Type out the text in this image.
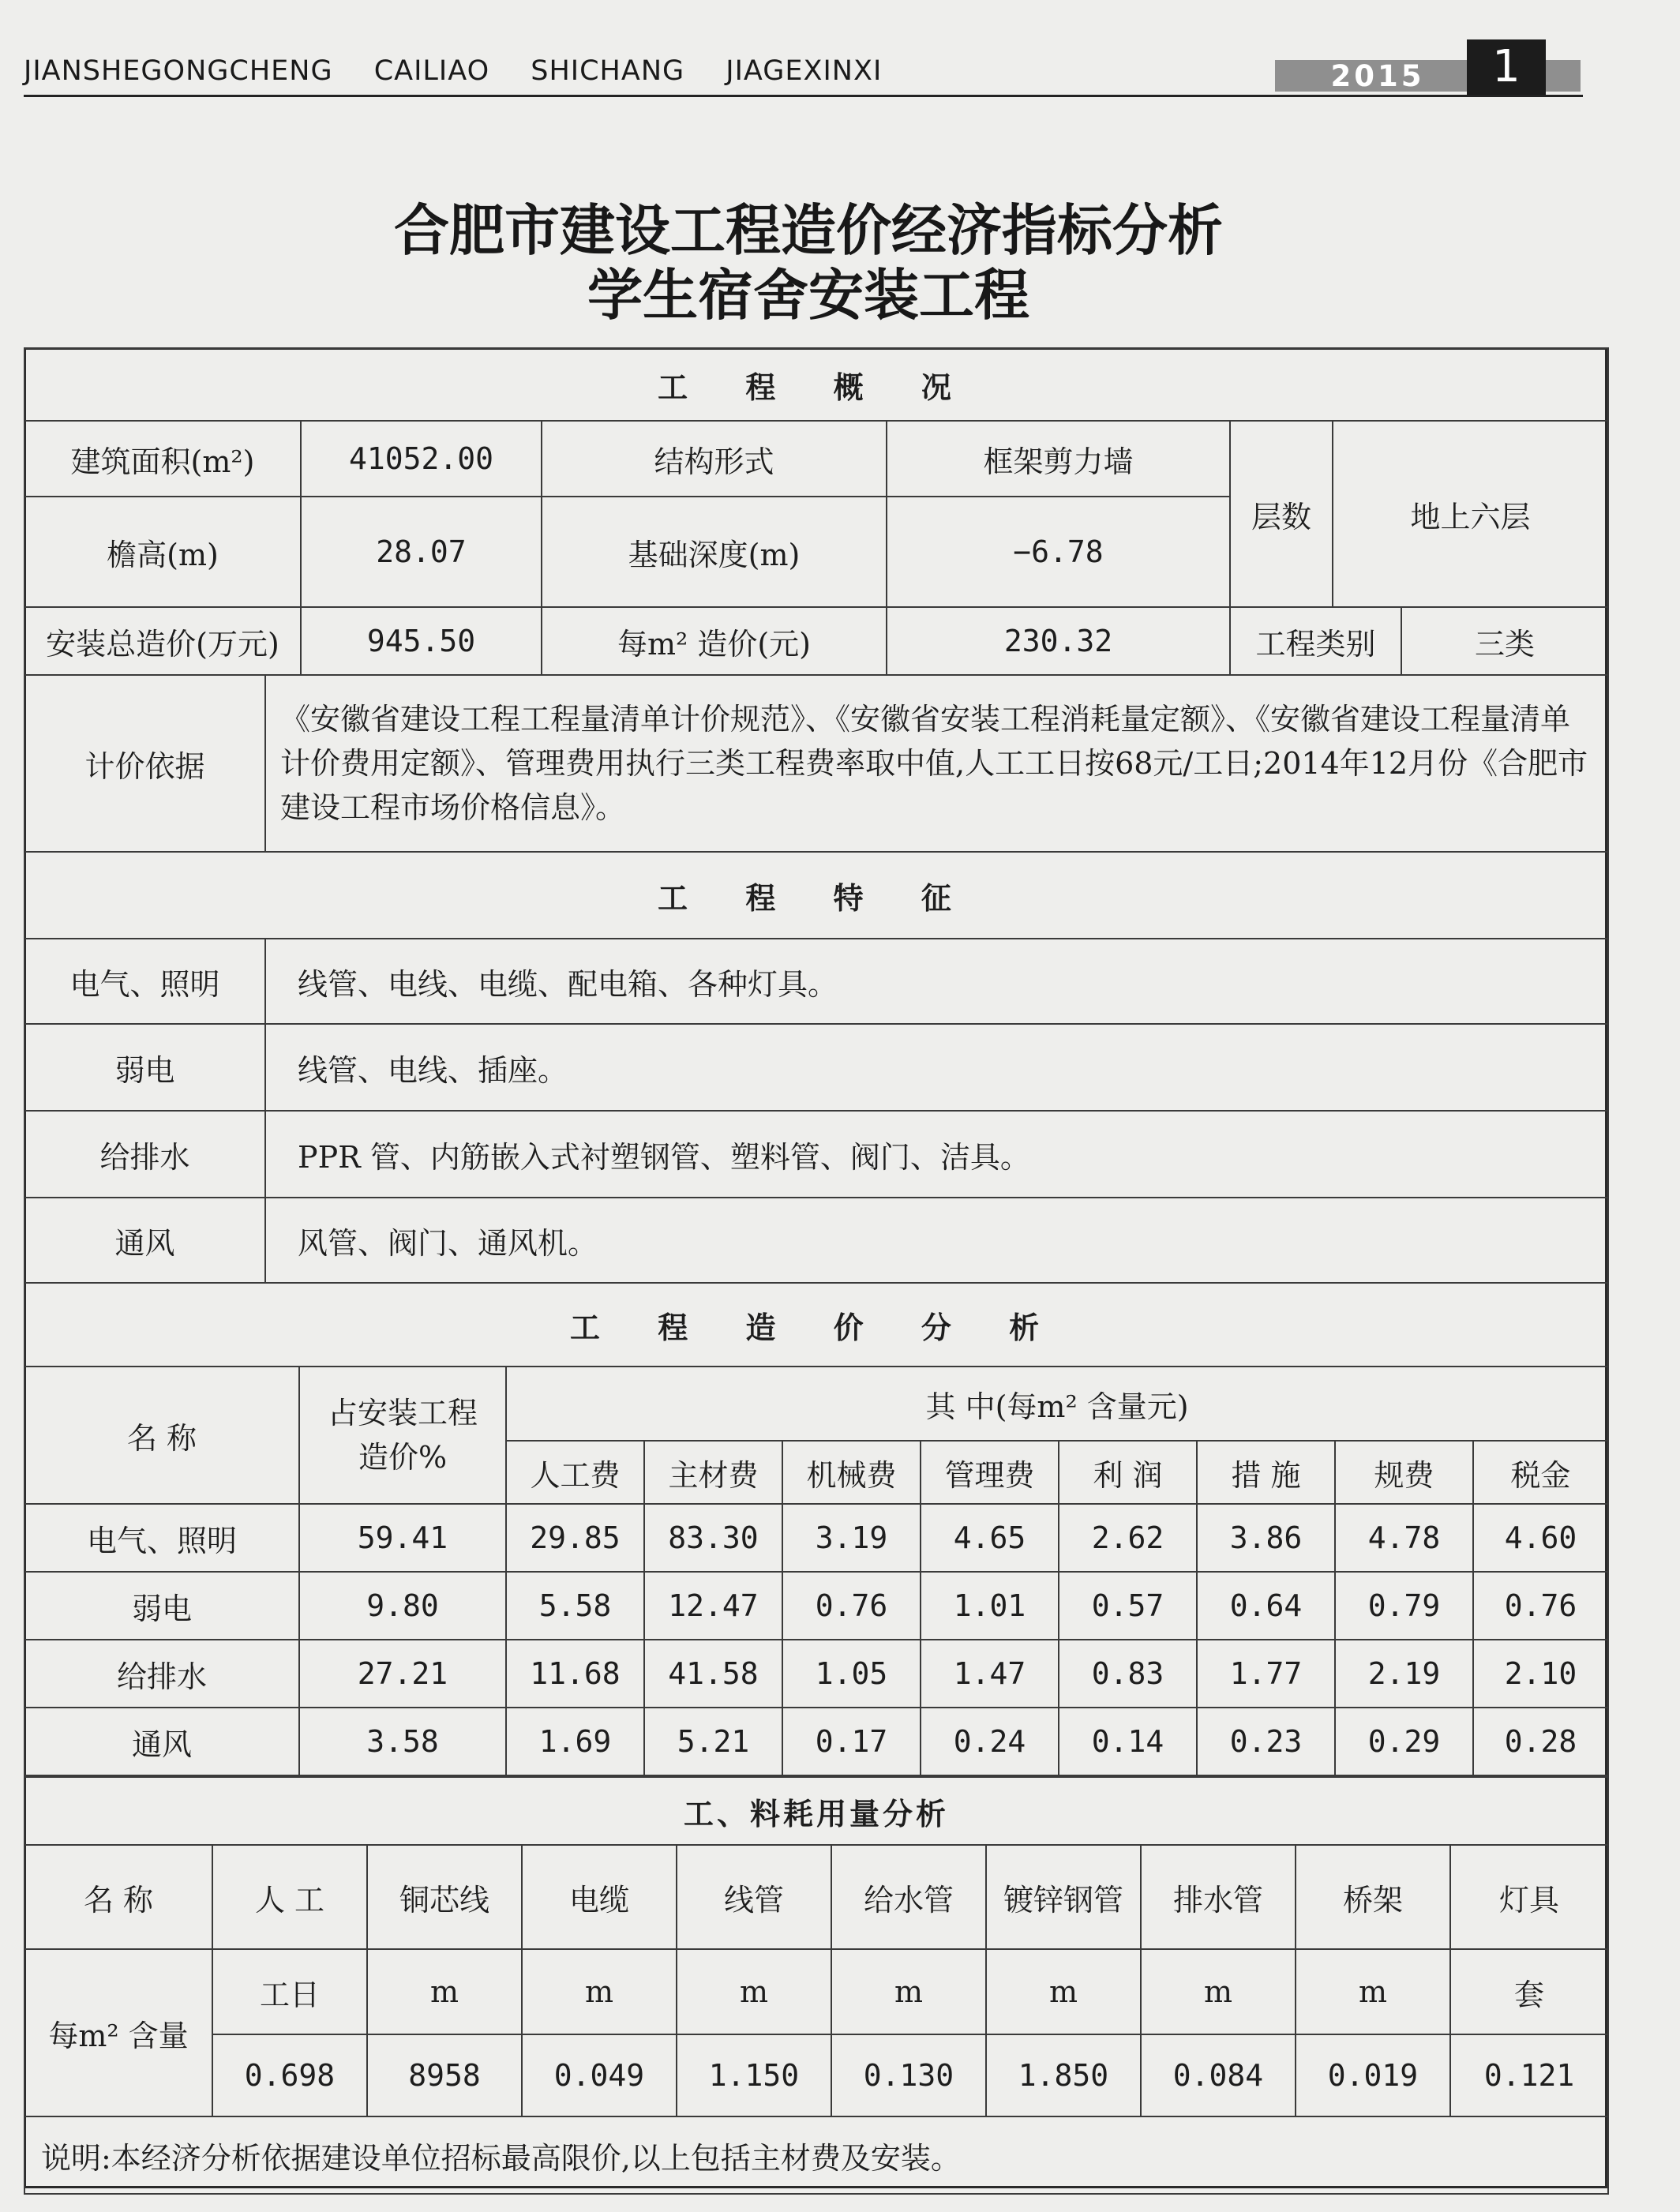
JIANSHEGONGCHENG CAILIAO SHICHANG JIAGEXINXI	2015	1
合肥市建设工程造价经济指标分析
学生宿舍安装工程
工 程 概 况						
建筑面积(m²)	41052.00	结构形式	框架剪力墙	层数	地上六层	
檐高(m)	28.07	基础深度(m)	−6.78			
安装总造价(万元)	945.50	每m² 造价(元)	230.32	工程类别		三类
计价依据	《安徽省建设工程工程量清单计价规范》、《安徽省安装工程消耗量定额》、《安徽省建设工程量清单计价费用定额》、管理费用执行三类工程费率取中值,人工工日按68元/工日;2014年12月份《合肥市建设工程市场价格信息》。
工 程 特 征	
电气、照明	线管、电线、电缆、配电箱、各种灯具。
弱电	线管、电线、插座。
给排水	PPR 管、内筋嵌入式衬塑钢管、塑料管、阀门、洁具。
通风	风管、阀门、通风机。
工 程 造 价 分 析									
名 称	占安装工程造价%	其 中(每m² 含量元)							
		人工费	主材费	机械费	管理费	利 润	措 施	规费	税金
电气、照明	59.41	29.85	83.30	3.19	4.65	2.62	3.86	4.78	4.60
弱电	9.80	5.58	12.47	0.76	1.01	0.57	0.64	0.79	0.76
给排水	27.21	11.68	41.58	1.05	1.47	0.83	1.77	2.19	2.10
通风	3.58	1.69	5.21	0.17	0.24	0.14	0.23	0.29	0.28
工、料耗用量分析									
名 称	人 工	铜芯线	电缆	线管	给水管	镀锌钢管	排水管	桥架	灯具
每m² 含量	工日	m	m	m	m	m	m	m	套
	0.698	8958	0.049	1.150	0.130	1.850	0.084	0.019	0.121
说明:本经济分析依据建设单位招标最高限价,以上包括主材费及安装。									
